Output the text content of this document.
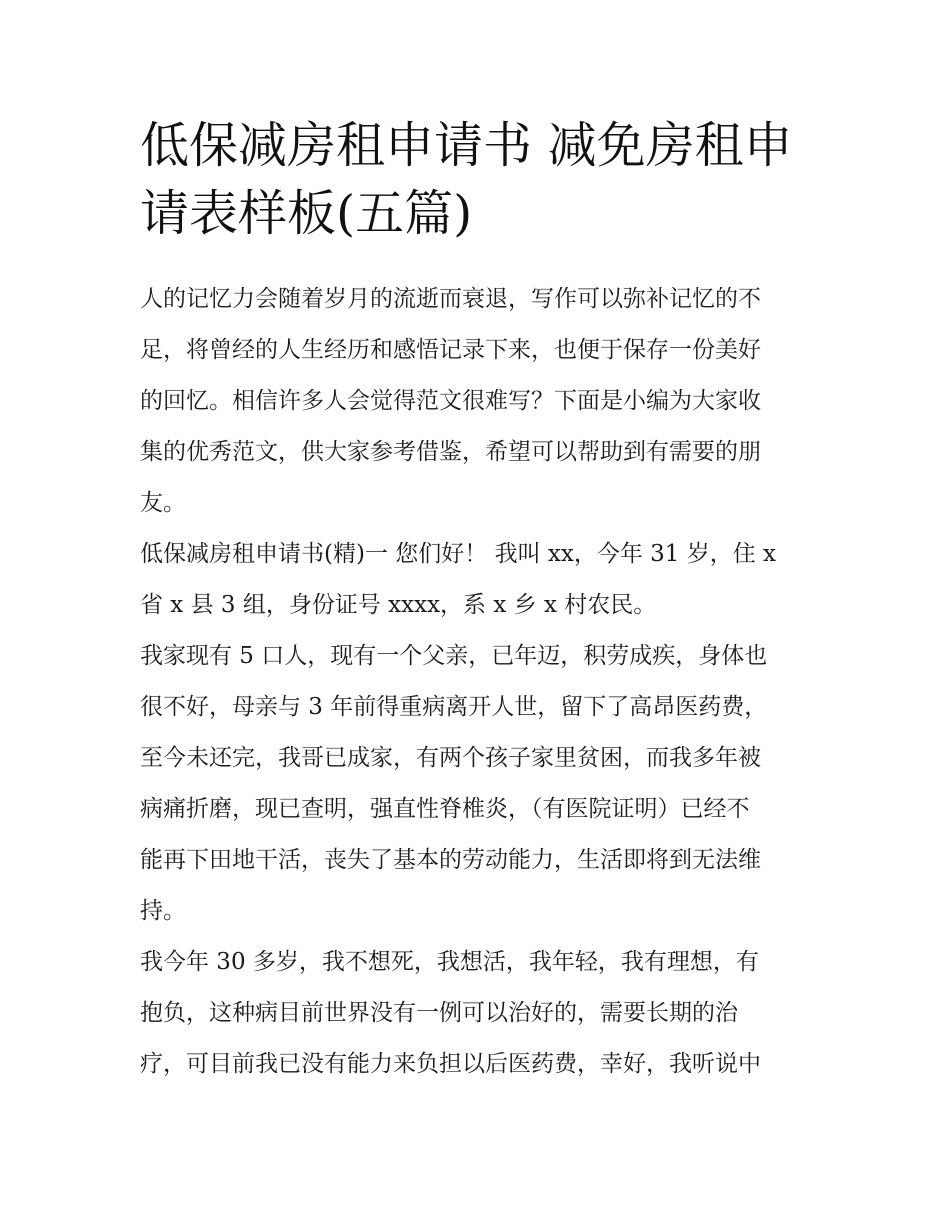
低保减房租申请书 减免房租申
请表样板(五篇)
人的记忆力会随着岁月的流逝而衰退，写作可以弥补记忆的不
足，将曾经的人生经历和感悟记录下来，也便于保存一份美好
的回忆。相信许多人会觉得范文很难写？下面是小编为大家收
集的优秀范文，供大家参考借鉴，希望可以帮助到有需要的朋
友。
低保减房租申请书(精)一 您们好！ 我叫 xx，今年 31 岁，住 x
省 x 县 3 组，身份证号 xxxx，系 x 乡 x 村农民。
我家现有 5 口人，现有一个父亲，已年迈，积劳成疾，身体也
很不好，母亲与 3 年前得重病离开人世，留下了高昂医药费，
至今未还完，我哥已成家，有两个孩子家里贫困，而我多年被
病痛折磨，现已查明，强直性脊椎炎，（有医院证明）已经不
能再下田地干活，丧失了基本的劳动能力，生活即将到无法维
持。
我今年 30 多岁，我不想死，我想活，我年轻，我有理想，有
抱负，这种病目前世界没有一例可以治好的，需要长期的治
疗，可目前我已没有能力来负担以后医药费，幸好，我听说中
